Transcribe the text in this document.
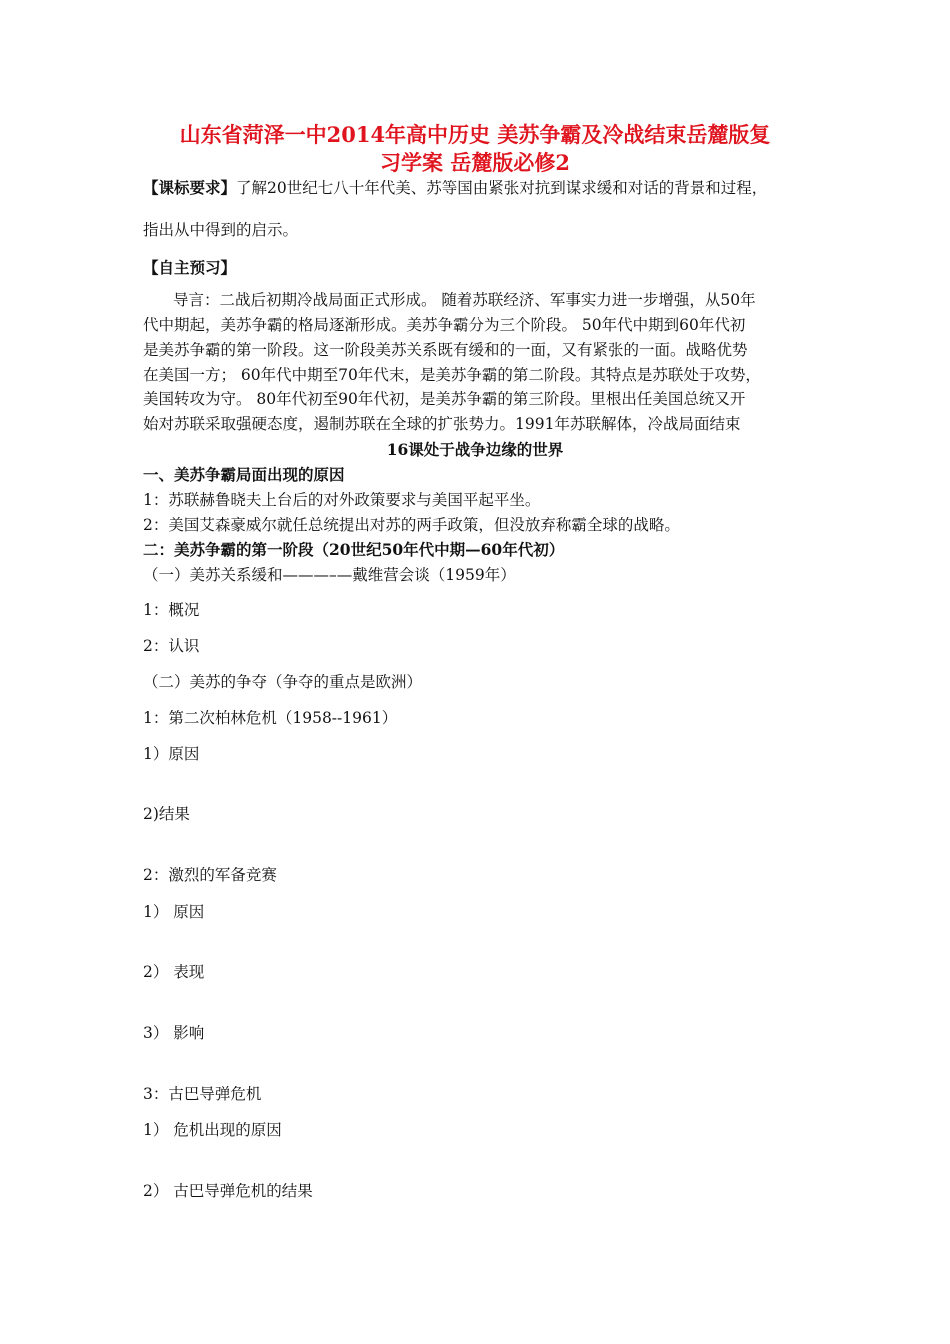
山东省菏泽一中2014年高中历史 美苏争霸及冷战结束岳麓版复
习学案 岳麓版必修2
【课标要求】了解20世纪七八十年代美、苏等国由紧张对抗到谋求缓和对话的背景和过程，
指出从中得到的启示。
【自主预习】
导言：二战后初期冷战局面正式形成。 随着苏联经济、军事实力进一步增强，从50年
代中期起，美苏争霸的格局逐渐形成。美苏争霸分为三个阶段。 50年代中期到60年代初
是美苏争霸的第一阶段。这一阶段美苏关系既有缓和的一面，又有紧张的一面。战略优势
在美国一方； 60年代中期至70年代末，是美苏争霸的第二阶段。其特点是苏联处于攻势，
美国转攻为守。 80年代初至90年代初，是美苏争霸的第三阶段。里根出任美国总统又开
始对苏联采取强硬态度，遏制苏联在全球的扩张势力。1991年苏联解体，冷战局面结束
16课处于战争边缘的世界
一、美苏争霸局面出现的原因
1：苏联赫鲁晓夫上台后的对外政策要求与美国平起平坐。
2：美国艾森豪威尔就任总统提出对苏的两手政策，但没放弃称霸全球的战略。
二：美苏争霸的第一阶段（20世纪50年代中期—60年代初）
（一）美苏关系缓和———–—戴维营会谈（1959年）
1：概况
2：认识
（二）美苏的争夺（争夺的重点是欧洲）
1：第二次柏林危机（1958--1961）
1）原因
2)结果
2：激烈的军备竞赛
1） 原因
2） 表现
3） 影响
3：古巴导弹危机
1） 危机出现的原因
2） 古巴导弹危机的结果
